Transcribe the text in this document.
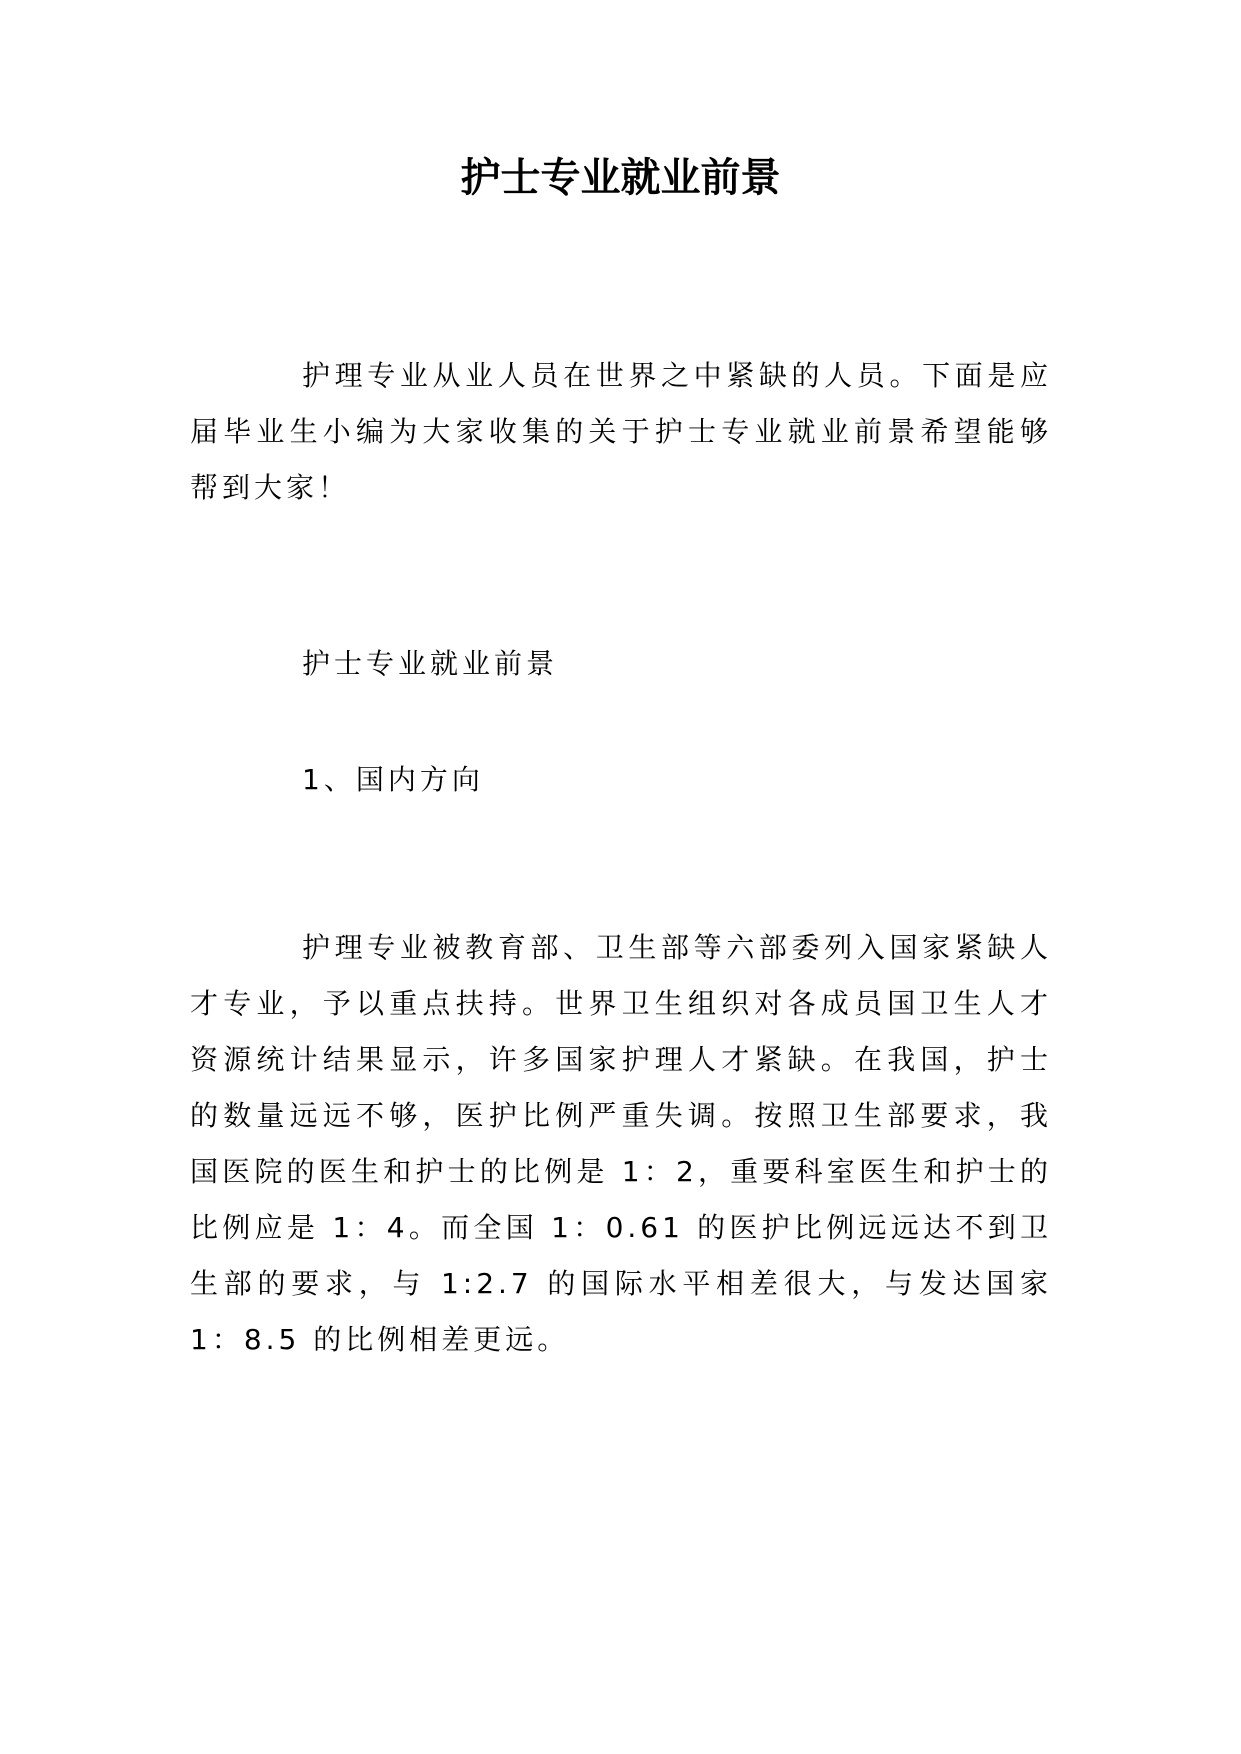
护士专业就业前景

护理专业从业人员在世界之中紧缺的人员。下面是应届毕业生小编为大家收集的关于护士专业就业前景希望能够帮到大家！

护士专业就业前景

1、国内方向

护理专业被教育部、卫生部等六部委列入国家紧缺人才专业，予以重点扶持。世界卫生组织对各成员国卫生人才资源统计结果显示，许多国家护理人才紧缺。在我国，护士的数量远远不够，医护比例严重失调。按照卫生部要求，我国医院的医生和护士的比例是 1：2，重要科室医生和护士的比例应是 1：4。而全国 1：0.61 的医护比例远远达不到卫生部的要求，与 1:2.7 的国际水平相差很大，与发达国家 1：8.5 的比例相差更远。
